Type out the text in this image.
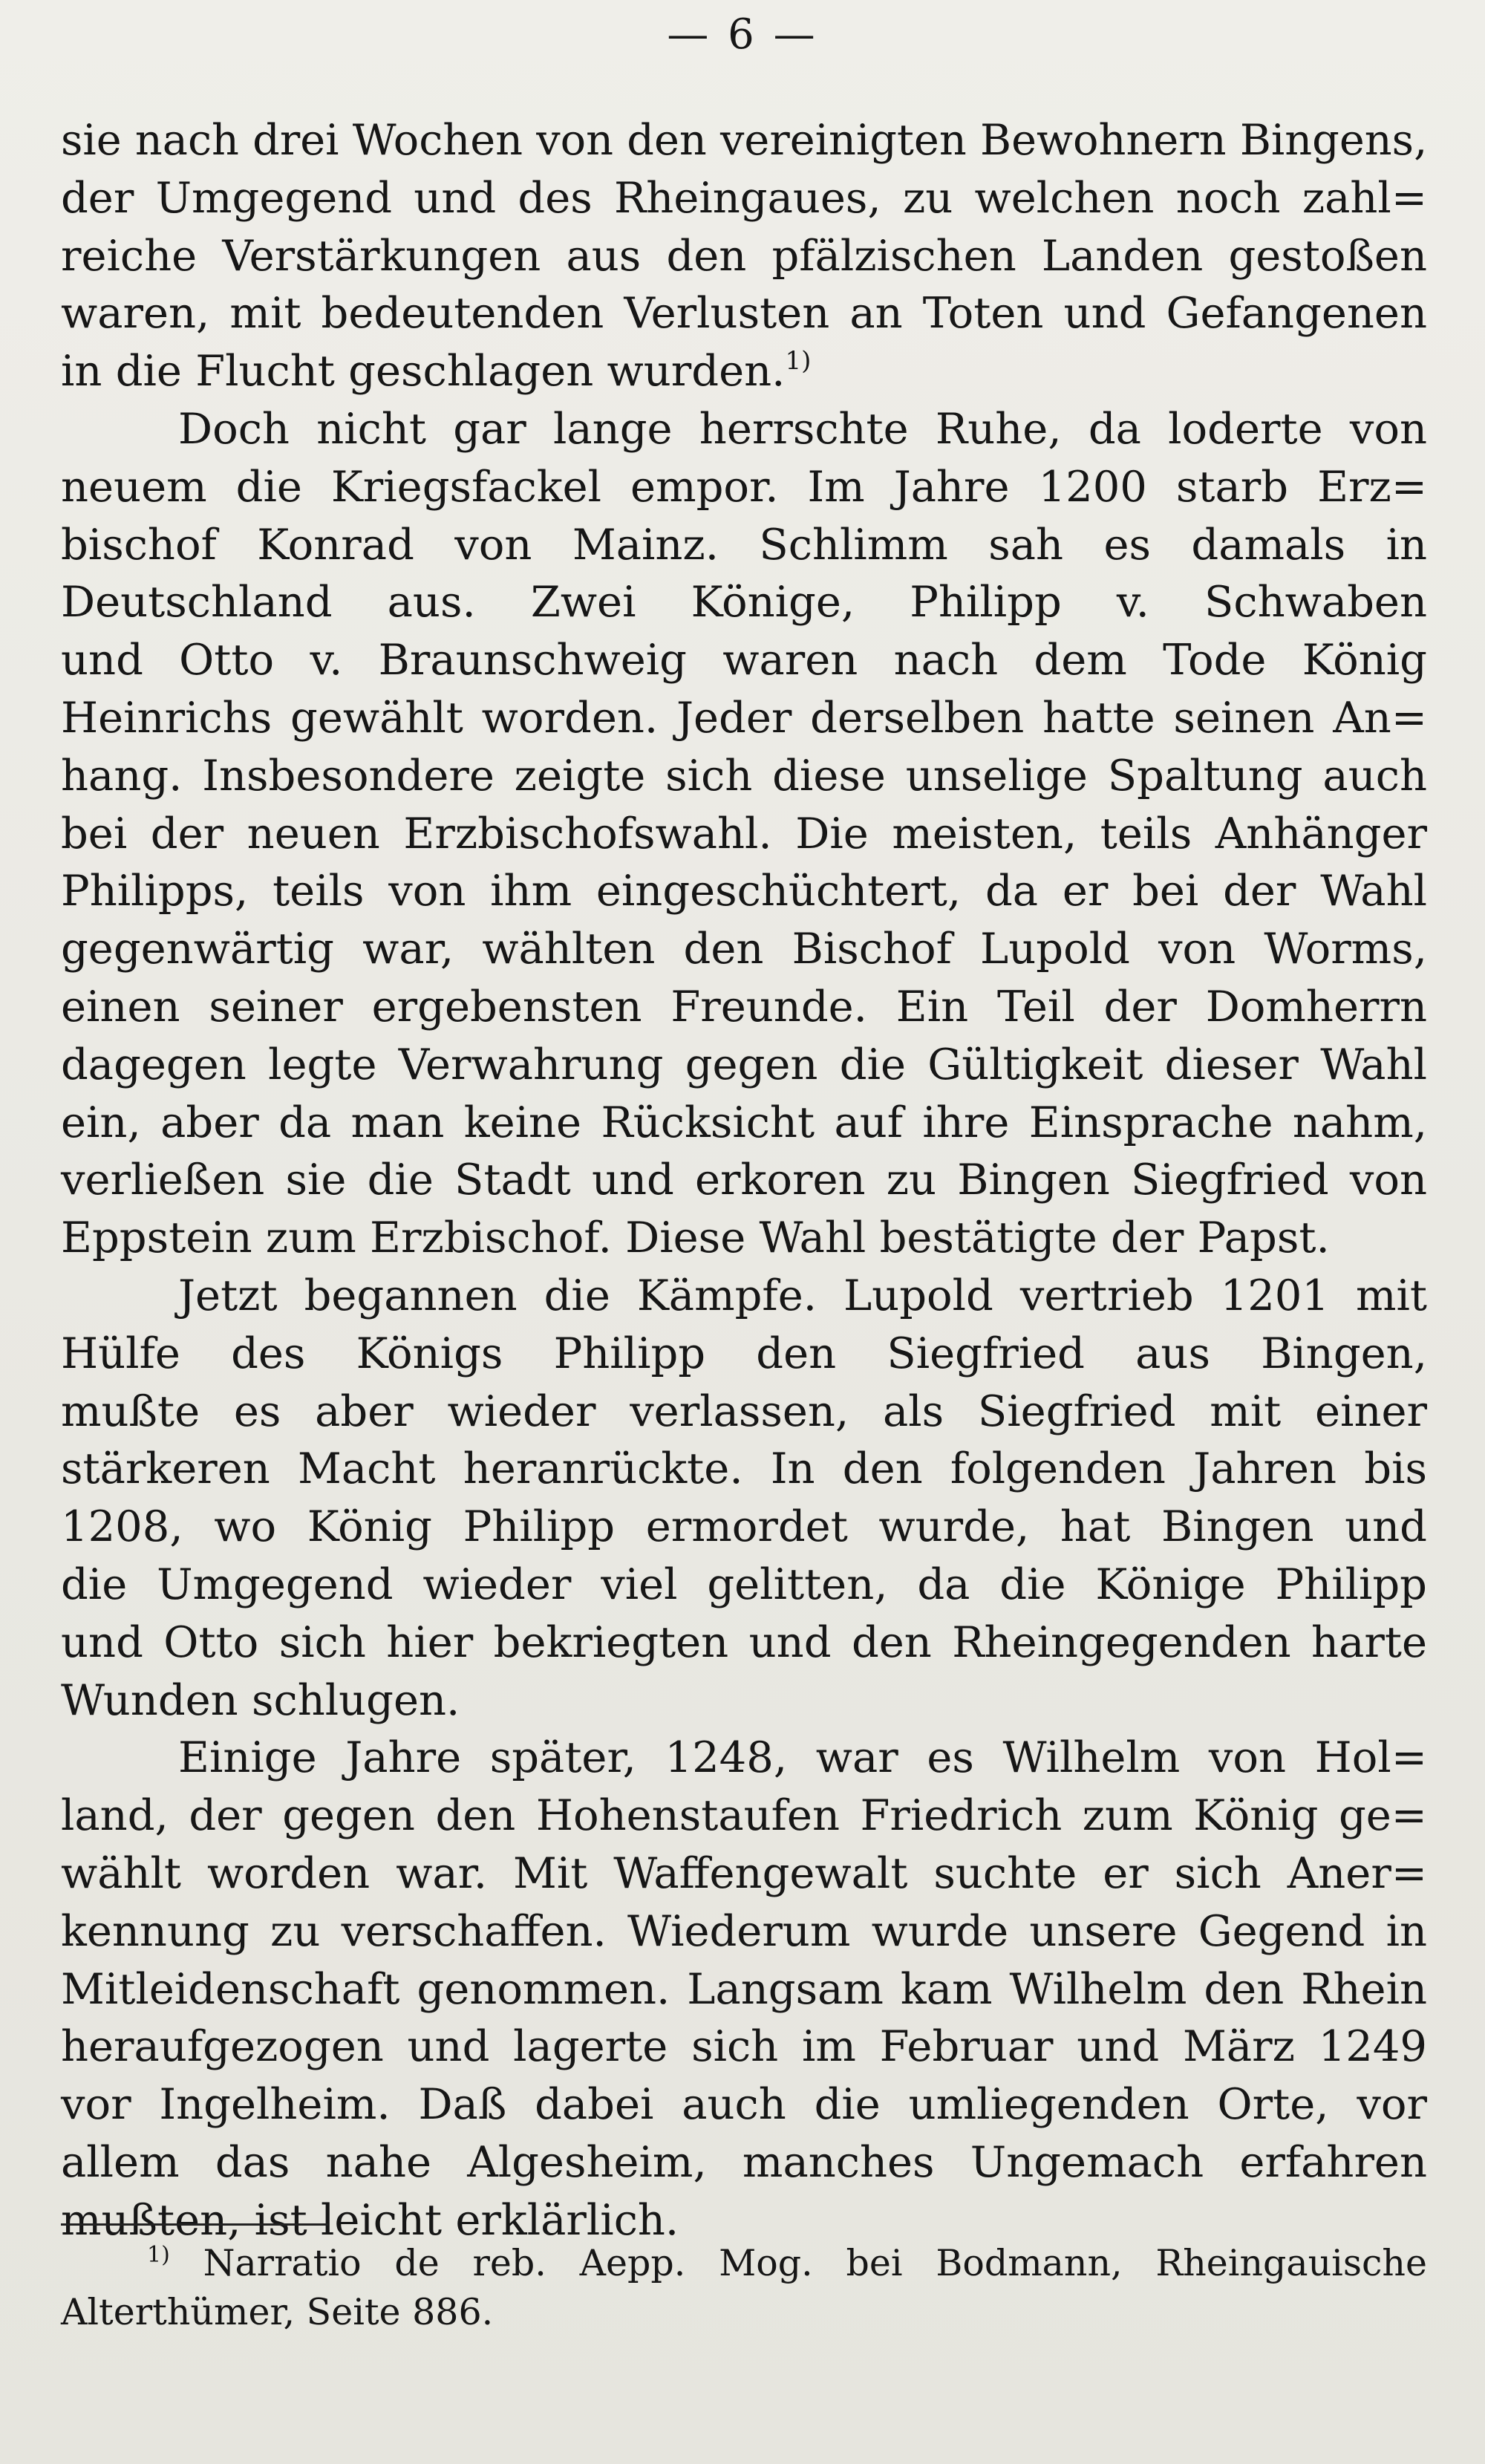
— 6 —
sie nach drei Wochen von den vereinigten Bewohnern Bingens,
der Umgegend und des Rheingaues, zu welchen noch zahl=
reiche Verstärkungen aus den pfälzischen Landen gestoßen
waren, mit bedeutenden Verlusten an Toten und Gefangenen
in die Flucht geschlagen wurden.$^{1)}$
Doch nicht gar lange herrschte Ruhe, da loderte von
neuem die Kriegsfackel empor. Im Jahre 1200 starb Erz=
bischof Konrad von Mainz. Schlimm sah es damals in
Deutschland aus. Zwei Könige, Philipp v. Schwaben
und Otto v. Braunschweig waren nach dem Tode König
Heinrichs gewählt worden. Jeder derselben hatte seinen An=
hang. Insbesondere zeigte sich diese unselige Spaltung auch
bei der neuen Erzbischofswahl. Die meisten, teils Anhänger
Philipps, teils von ihm eingeschüchtert, da er bei der Wahl
gegenwärtig war, wählten den Bischof Lupold von Worms,
einen seiner ergebensten Freunde. Ein Teil der Domherrn
dagegen legte Verwahrung gegen die Gültigkeit dieser Wahl
ein, aber da man keine Rücksicht auf ihre Einsprache nahm,
verließen sie die Stadt und erkoren zu Bingen Siegfried von
Eppstein zum Erzbischof. Diese Wahl bestätigte der Papst.
Jetzt begannen die Kämpfe. Lupold vertrieb 1201 mit
Hülfe des Königs Philipp den Siegfried aus Bingen,
mußte es aber wieder verlassen, als Siegfried mit einer
stärkeren Macht heranrückte. In den folgenden Jahren bis
1208, wo König Philipp ermordet wurde, hat Bingen und
die Umgegend wieder viel gelitten, da die Könige Philipp
und Otto sich hier bekriegten und den Rheingegenden harte
Wunden schlugen.
Einige Jahre später, 1248, war es Wilhelm von Hol=
land, der gegen den Hohenstaufen Friedrich zum König ge=
wählt worden war. Mit Waffengewalt suchte er sich Aner=
kennung zu verschaffen. Wiederum wurde unsere Gegend in
Mitleidenschaft genommen. Langsam kam Wilhelm den Rhein
heraufgezogen und lagerte sich im Februar und März 1249
vor Ingelheim. Daß dabei auch die umliegenden Orte, vor
allem das nahe Algesheim, manches Ungemach erfahren
mußten, ist leicht erklärlich.
$^{1)}$ Narratio de reb. Aepp. Mog. bei Bodmann, Rheingauische
Alterthümer, Seite 886.
